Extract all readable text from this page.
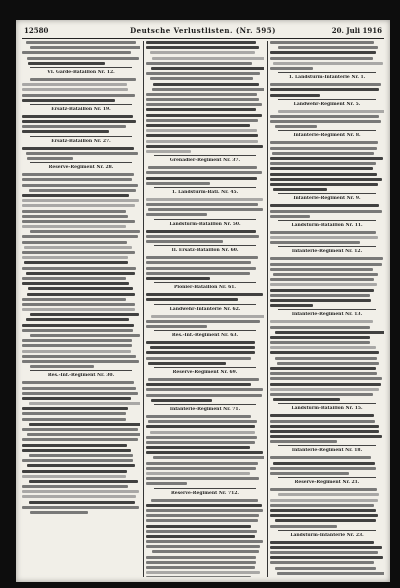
12580	Deutsche Verlustlisten. (Nr. 595)	20. Juli 1916
VI. Garde-Bataillon Nr. 12.
Ersatz-Bataillon Nr. 19.
Ersatz-Bataillon Nr. 27.
Reserve-Regiment Nr. 28.
Res.-Inf.-Regiment Nr. 30.
Grenadier-Regiment Nr. 37.
1. Landsturm-Batl. Nr. 45.
Landsturm-Bataillon Nr. 50.
II. Ersatz-Bataillon Nr. 60.
Pionier-Bataillon Nr. 61.
Landwehr-Infanterie Nr. 62.
Res.-Inf.-Regiment Nr. 63.
Reserve-Regiment Nr. 69.
Infanterie-Regiment Nr. 71.
Reserve-Regiment Nr. 712.
1. Landsturm-Infanterie Nr. 1.
Landwehr-Regiment Nr. 5.
Infanterie-Regiment Nr. 8.
Infanterie-Regiment Nr. 9.
Landsturm-Bataillon Nr. 11.
Infanterie-Regiment Nr. 12.
Infanterie-Regiment Nr. 13.
Landsturm-Bataillon Nr. 15.
Infanterie-Regiment Nr. 18.
Reserve-Regiment Nr. 21.
Landsturm-Infanterie Nr. 23.
